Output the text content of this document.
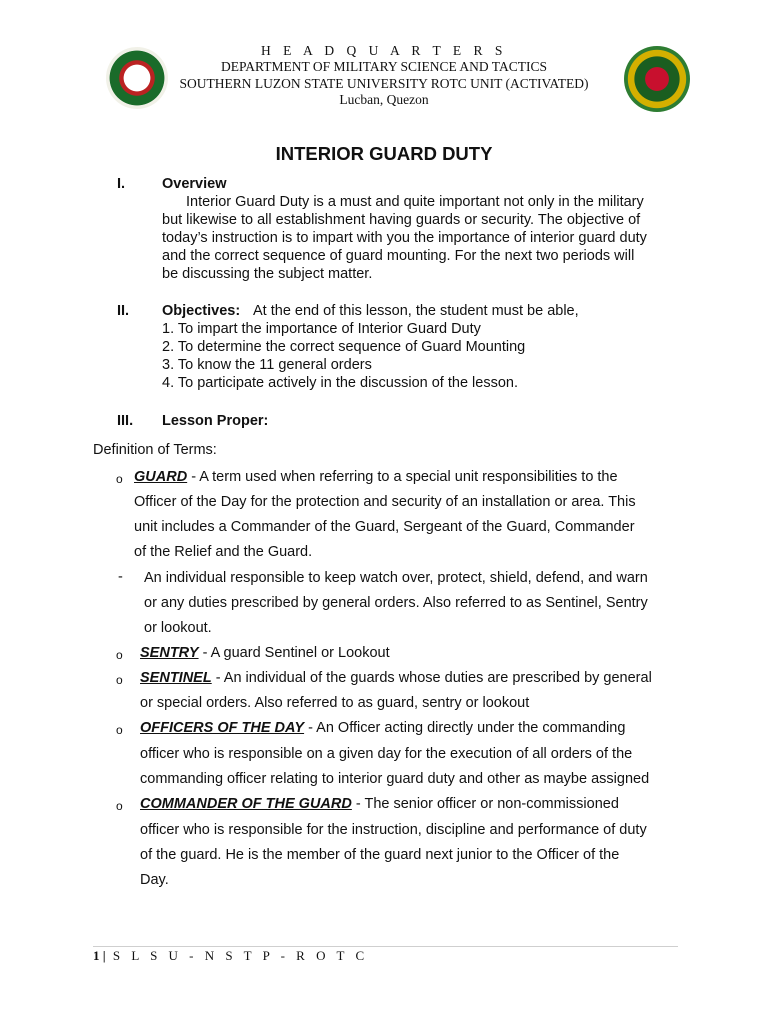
H E A D Q U A R T E R S
DEPARTMENT OF MILITARY SCIENCE AND TACTICS
SOUTHERN LUZON STATE UNIVERSITY ROTC UNIT (ACTIVATED)
Lucban, Quezon
INTERIOR GUARD DUTY
I.	Overview
Interior Guard Duty is a must and quite important not only in the military
but likewise to all establishment having guards or security. The objective of
today’s instruction is to impart with you the importance of interior guard duty
and the correct sequence of guard mounting. For the next two periods will
be discussing the subject matter.
II. Objectives: At the end of this lesson, the student must be able,
1. To impart the importance of Interior Guard Duty
2. To determine the correct sequence of Guard Mounting
3. To know the 11 general orders
4. To participate actively in the discussion of the lesson.
III. Lesson Proper:
Definition of Terms:
o GUARD - A term used when referring to a special unit responsibilities to the
Officer of the Day for the protection and security of an installation or area. This
unit includes a Commander of the Guard, Sergeant of the Guard, Commander
of the Relief and the Guard.
- An individual responsible to keep watch over, protect, shield, defend, and warn
or any duties prescribed by general orders. Also referred to as Sentinel, Sentry
or lookout.
o SENTRY - A guard Sentinel or Lookout
o SENTINEL - An individual of the guards whose duties are prescribed by general
or special orders. Also referred to as guard, sentry or lookout
o OFFICERS OF THE DAY - An Officer acting directly under the commanding
officer who is responsible on a given day for the execution of all orders of the
commanding officer relating to interior guard duty and other as maybe assigned
o COMMANDER OF THE GUARD - The senior officer or non-commissioned
officer who is responsible for the instruction, discipline and performance of duty
of the guard. He is the member of the guard next junior to the Officer of the
Day.
1 | S L S U - N S T P - R O T C
